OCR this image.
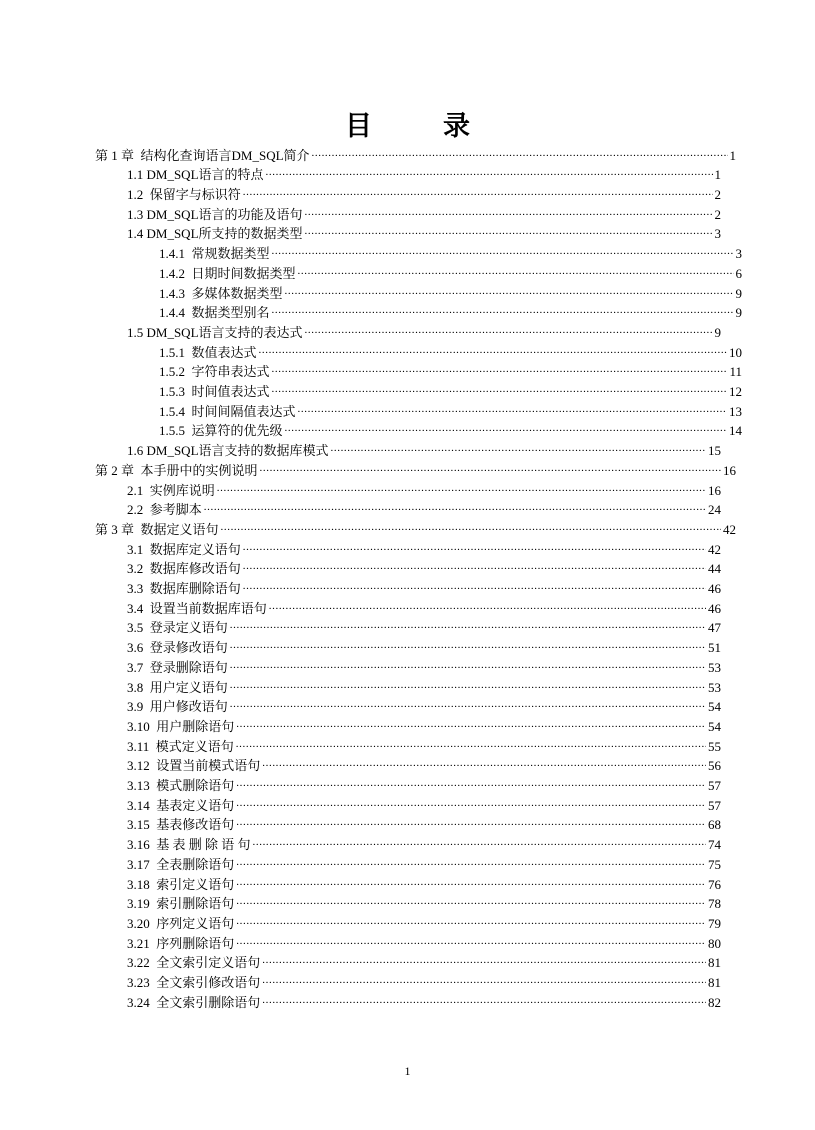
目　录
第 1 章 结构化查询语言DM_SQL简介 .....	1
1.1 DM_SQL语言的特点 .....	1
1.2 保留字与标识符 .....	2
1.3 DM_SQL语言的功能及语句 .....	2
1.4 DM_SQL所支持的数据类型 .....	3
1.4.1 常规数据类型 .....	3
1.4.2 日期时间数据类型 .....	6
1.4.3 多媒体数据类型 .....	9
1.4.4 数据类型别名 .....	9
1.5 DM_SQL语言支持的表达式 .....	9
1.5.1 数值表达式 .....	10
1.5.2 字符串表达式 .....	11
1.5.3 时间值表达式 .....	12
1.5.4 时间间隔值表达式 .....	13
1.5.5 运算符的优先级 .....	14
1.6 DM_SQL语言支持的数据库模式 .....	15
第 2 章 本手册中的实例说明 .....	16
2.1 实例库说明 .....	16
2.2 参考脚本 .....	24
第 3 章 数据定义语句 .....	42
3.1 数据库定义语句 .....	42
3.2 数据库修改语句 .....	44
3.3 数据库删除语句 .....	46
3.4 设置当前数据库语句 .....	46
3.5 登录定义语句 .....	47
3.6 登录修改语句 .....	51
3.7 登录删除语句 .....	53
3.8 用户定义语句 .....	53
3.9 用户修改语句 .....	54
3.10 用户删除语句 .....	54
3.11 模式定义语句 .....	55
3.12 设置当前模式语句 .....	56
3.13 模式删除语句 .....	57
3.14 基表定义语句 .....	57
3.15 基表修改语句 .....	68
3.16 基 表 删 除 语 句 .....	74
3.17 全表删除语句 .....	75
3.18 索引定义语句 .....	76
3.19 索引删除语句 .....	78
3.20 序列定义语句 .....	79
3.21 序列删除语句 .....	80
3.22 全文索引定义语句 .....	81
3.23 全文索引修改语句 .....	81
3.24 全文索引删除语句 .....	82
1
